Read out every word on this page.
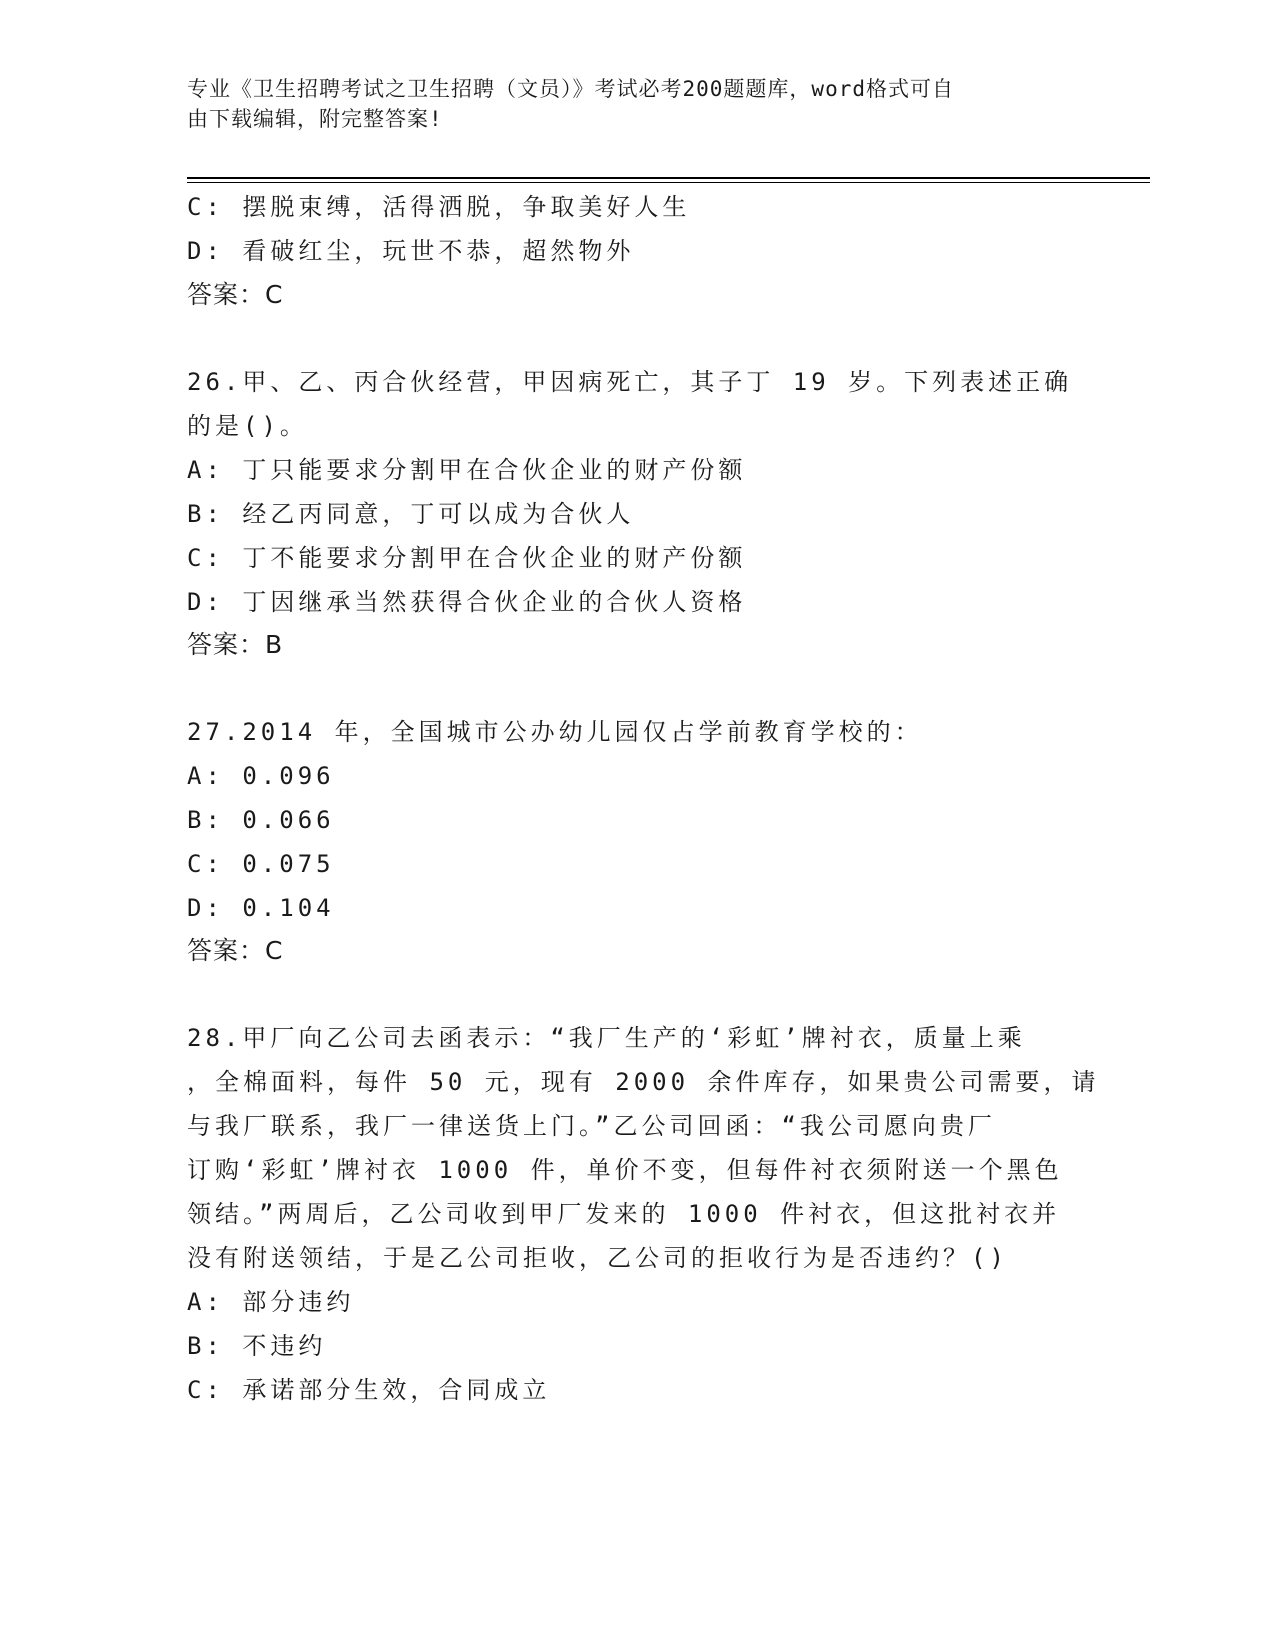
专业《卫生招聘考试之卫生招聘（文员）》考试必考200题题库，word格式可自
由下载编辑，附完整答案!
C: 摆脱束缚，活得洒脱，争取美好人生
D: 看破红尘，玩世不恭，超然物外
答案：C
26.甲、乙、丙合伙经营，甲因病死亡，其子丁 19 岁。下列表述正确
的是()。
A: 丁只能要求分割甲在合伙企业的财产份额
B: 经乙丙同意，丁可以成为合伙人
C: 丁不能要求分割甲在合伙企业的财产份额
D: 丁因继承当然获得合伙企业的合伙人资格
答案：B
27.2014 年，全国城市公办幼儿园仅占学前教育学校的：
A: 0.096
B: 0.066
C: 0.075
D: 0.104
答案：C
28.甲厂向乙公司去函表示：“我厂生产的‘彩虹’牌衬衣，质量上乘
，全棉面料，每件 50 元，现有 2000 余件库存，如果贵公司需要，请
与我厂联系，我厂一律送货上门。”乙公司回函：“我公司愿向贵厂
订购‘彩虹’牌衬衣 1000 件，单价不变，但每件衬衣须附送一个黑色
领结。”两周后，乙公司收到甲厂发来的 1000 件衬衣，但这批衬衣并
没有附送领结，于是乙公司拒收，乙公司的拒收行为是否违约？()
A: 部分违约
B: 不违约
C: 承诺部分生效，合同成立
